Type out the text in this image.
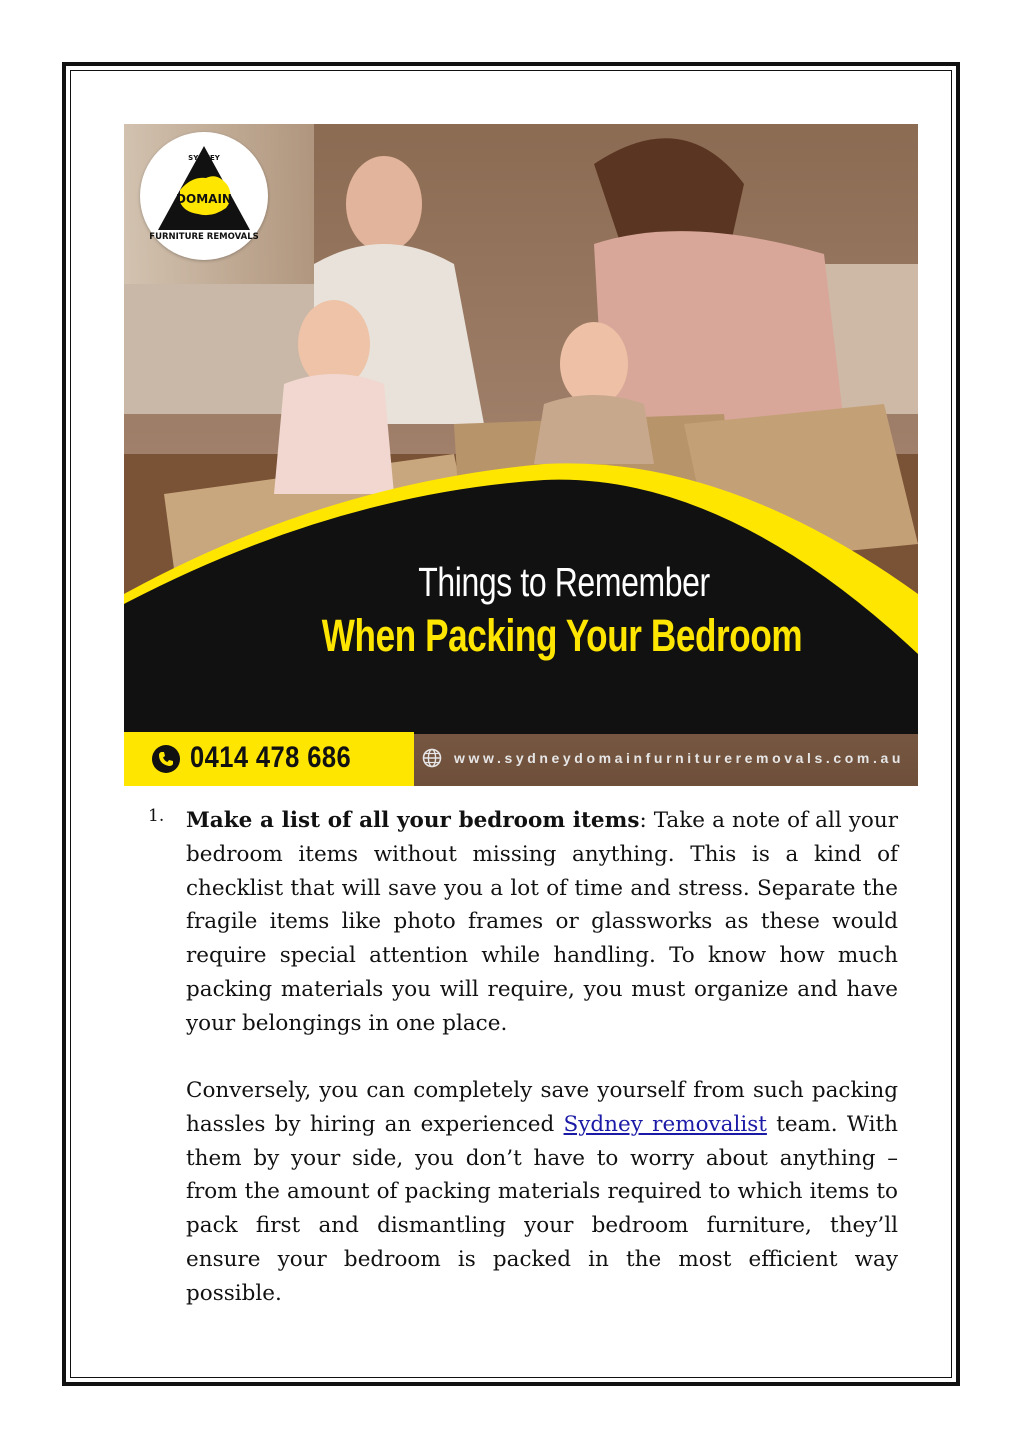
SYDNEY
DOMAIN
FURNITURE REMOVALS
Things to Remember
When Packing Your Bedroom
0414 478 686	www.sydneydomainfurnitureremovals.com.au
1. Make a list of all your bedroom items: Take a note of all your bedroom items without missing anything. This is a kind of checklist that will save you a lot of time and stress. Separate the fragile items like photo frames or glassworks as these would require special attention while handling. To know how much packing materials you will require, you must organize and have your belongings in one place.

Conversely, you can completely save yourself from such packing hassles by hiring an experienced Sydney removalist team. With them by your side, you don’t have to worry about anything – from the amount of packing materials required to which items to pack first and dismantling your bedroom furniture, they’ll ensure your bedroom is packed in the most efficient way possible.
